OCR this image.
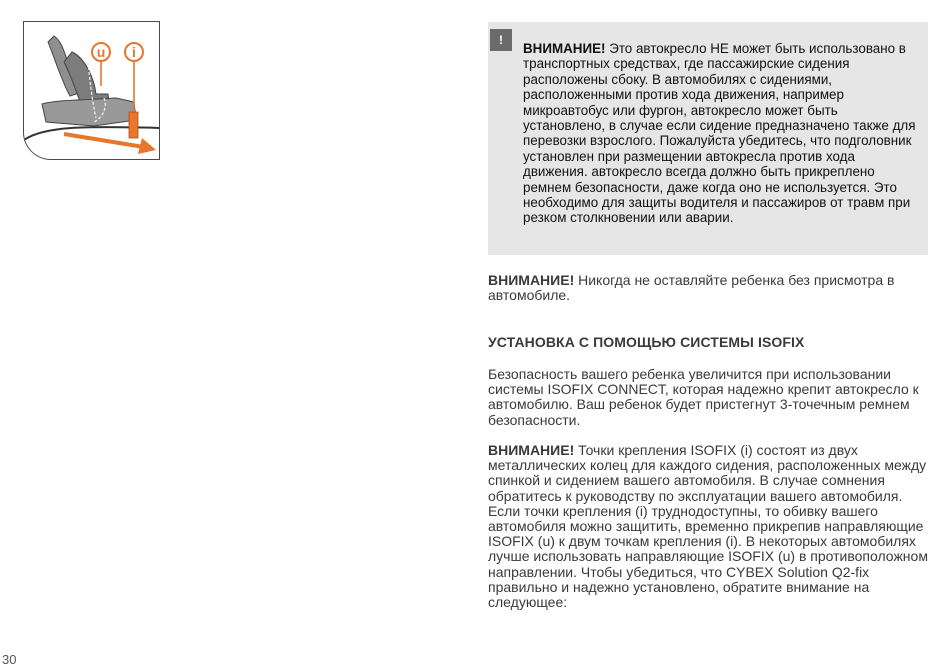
u i
!
ВНИМАНИЕ! Это автокресло НЕ может быть использовано в транспортных средствах, где пассажирские сидения расположены сбоку. В автомобилях с сидениями, расположенными против хода движения, например микроавтобус или фургон, автокресло может быть установлено, в случае если сидение предназначено также для перевозки взрослого. Пожалуйста убедитесь, что подголовник установлен при размещении автокресла против хода движения. автокресло всегда должно быть прикреплено ремнем безопасности, даже когда оно не используется. Это необходимо для защиты водителя и пассажиров от травм при резком столкновении или аварии.
ВНИМАНИЕ! Никогда не оставляйте ребенка без присмотра в автомобиле.
УСТАНОВКА С ПОМОЩЬЮ СИСТЕМЫ ISOFIX
Безопасность вашего ребенка увеличится при использовании системы ISOFIX CONNECT, которая надежно крепит автокресло к автомобилю. Ваш ребенок будет пристегнут 3-точечным ремнем безопасности.
ВНИМАНИЕ! Точки крепления ISOFIX (i) состоят из двух металлических колец для каждого сидения, расположенных между спинкой и сидением вашего автомобиля. В случае сомнения обратитесь к руководству по эксплуатации вашего автомобиля. Если точки крепления (i) труднодоступны, то обивку вашего автомобиля можно защитить, временно прикрепив направляющие ISOFIX (u) к двум точкам крепления (i). В некоторых автомобилях лучше использовать направляющие ISOFIX (u) в противоположном направлении. Чтобы убедиться, что CYBEX Solution Q2-fix правильно и надежно установлено, обратите внимание на следующее:
30
